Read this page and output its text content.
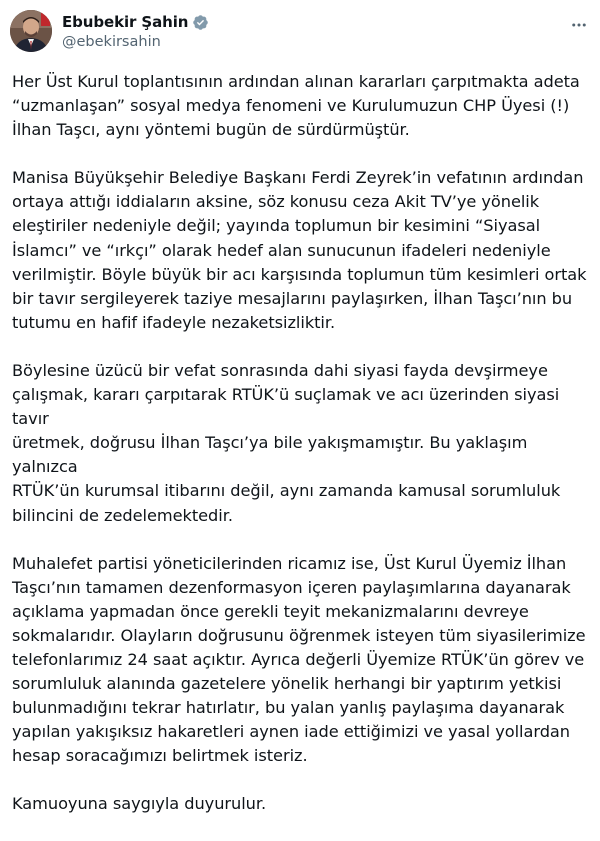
Ebubekir Şahin
@ebekirsahin

Her Üst Kurul toplantısının ardından alınan kararları çarpıtmakta adeta
“uzmanlaşan” sosyal medya fenomeni ve Kurulumuzun CHP Üyesi (!)
İlhan Taşcı, aynı yöntemi bugün de sürdürmüştür.

Manisa Büyükşehir Belediye Başkanı Ferdi Zeyrek’in vefatının ardından
ortaya attığı iddiaların aksine, söz konusu ceza Akit TV’ye yönelik
eleştiriler nedeniyle değil; yayında toplumun bir kesimini “Siyasal
İslamcı” ve “ırkçı” olarak hedef alan sunucunun ifadeleri nedeniyle
verilmiştir. Böyle büyük bir acı karşısında toplumun tüm kesimleri ortak
bir tavır sergileyerek taziye mesajlarını paylaşırken, İlhan Taşcı’nın bu
tutumu en hafif ifadeyle nezaketsizliktir.

Böylesine üzücü bir vefat sonrasında dahi siyasi fayda devşirmeye
çalışmak, kararı çarpıtarak RTÜK’ü suçlamak ve acı üzerinden siyasi tavır
üretmek, doğrusu İlhan Taşcı’ya bile yakışmamıştır. Bu yaklaşım yalnızca
RTÜK’ün kurumsal itibarını değil, aynı zamanda kamusal sorumluluk
bilincini de zedelemektedir.

Muhalefet partisi yöneticilerinden ricamız ise, Üst Kurul Üyemiz İlhan
Taşcı’nın tamamen dezenformasyon içeren paylaşımlarına dayanarak
açıklama yapmadan önce gerekli teyit mekanizmalarını devreye
sokmalarıdır. Olayların doğrusunu öğrenmek isteyen tüm siyasilerimize
telefonlarımız 24 saat açıktır. Ayrıca değerli Üyemize RTÜK’ün görev ve
sorumluluk alanında gazetelere yönelik herhangi bir yaptırım yetkisi
bulunmadığını tekrar hatırlatır, bu yalan yanlış paylaşıma dayanarak
yapılan yakışıksız hakaretleri aynen iade ettiğimizi ve yasal yollardan
hesap soracağımızı belirtmek isteriz.

Kamuoyuna saygıyla duyurulur.
